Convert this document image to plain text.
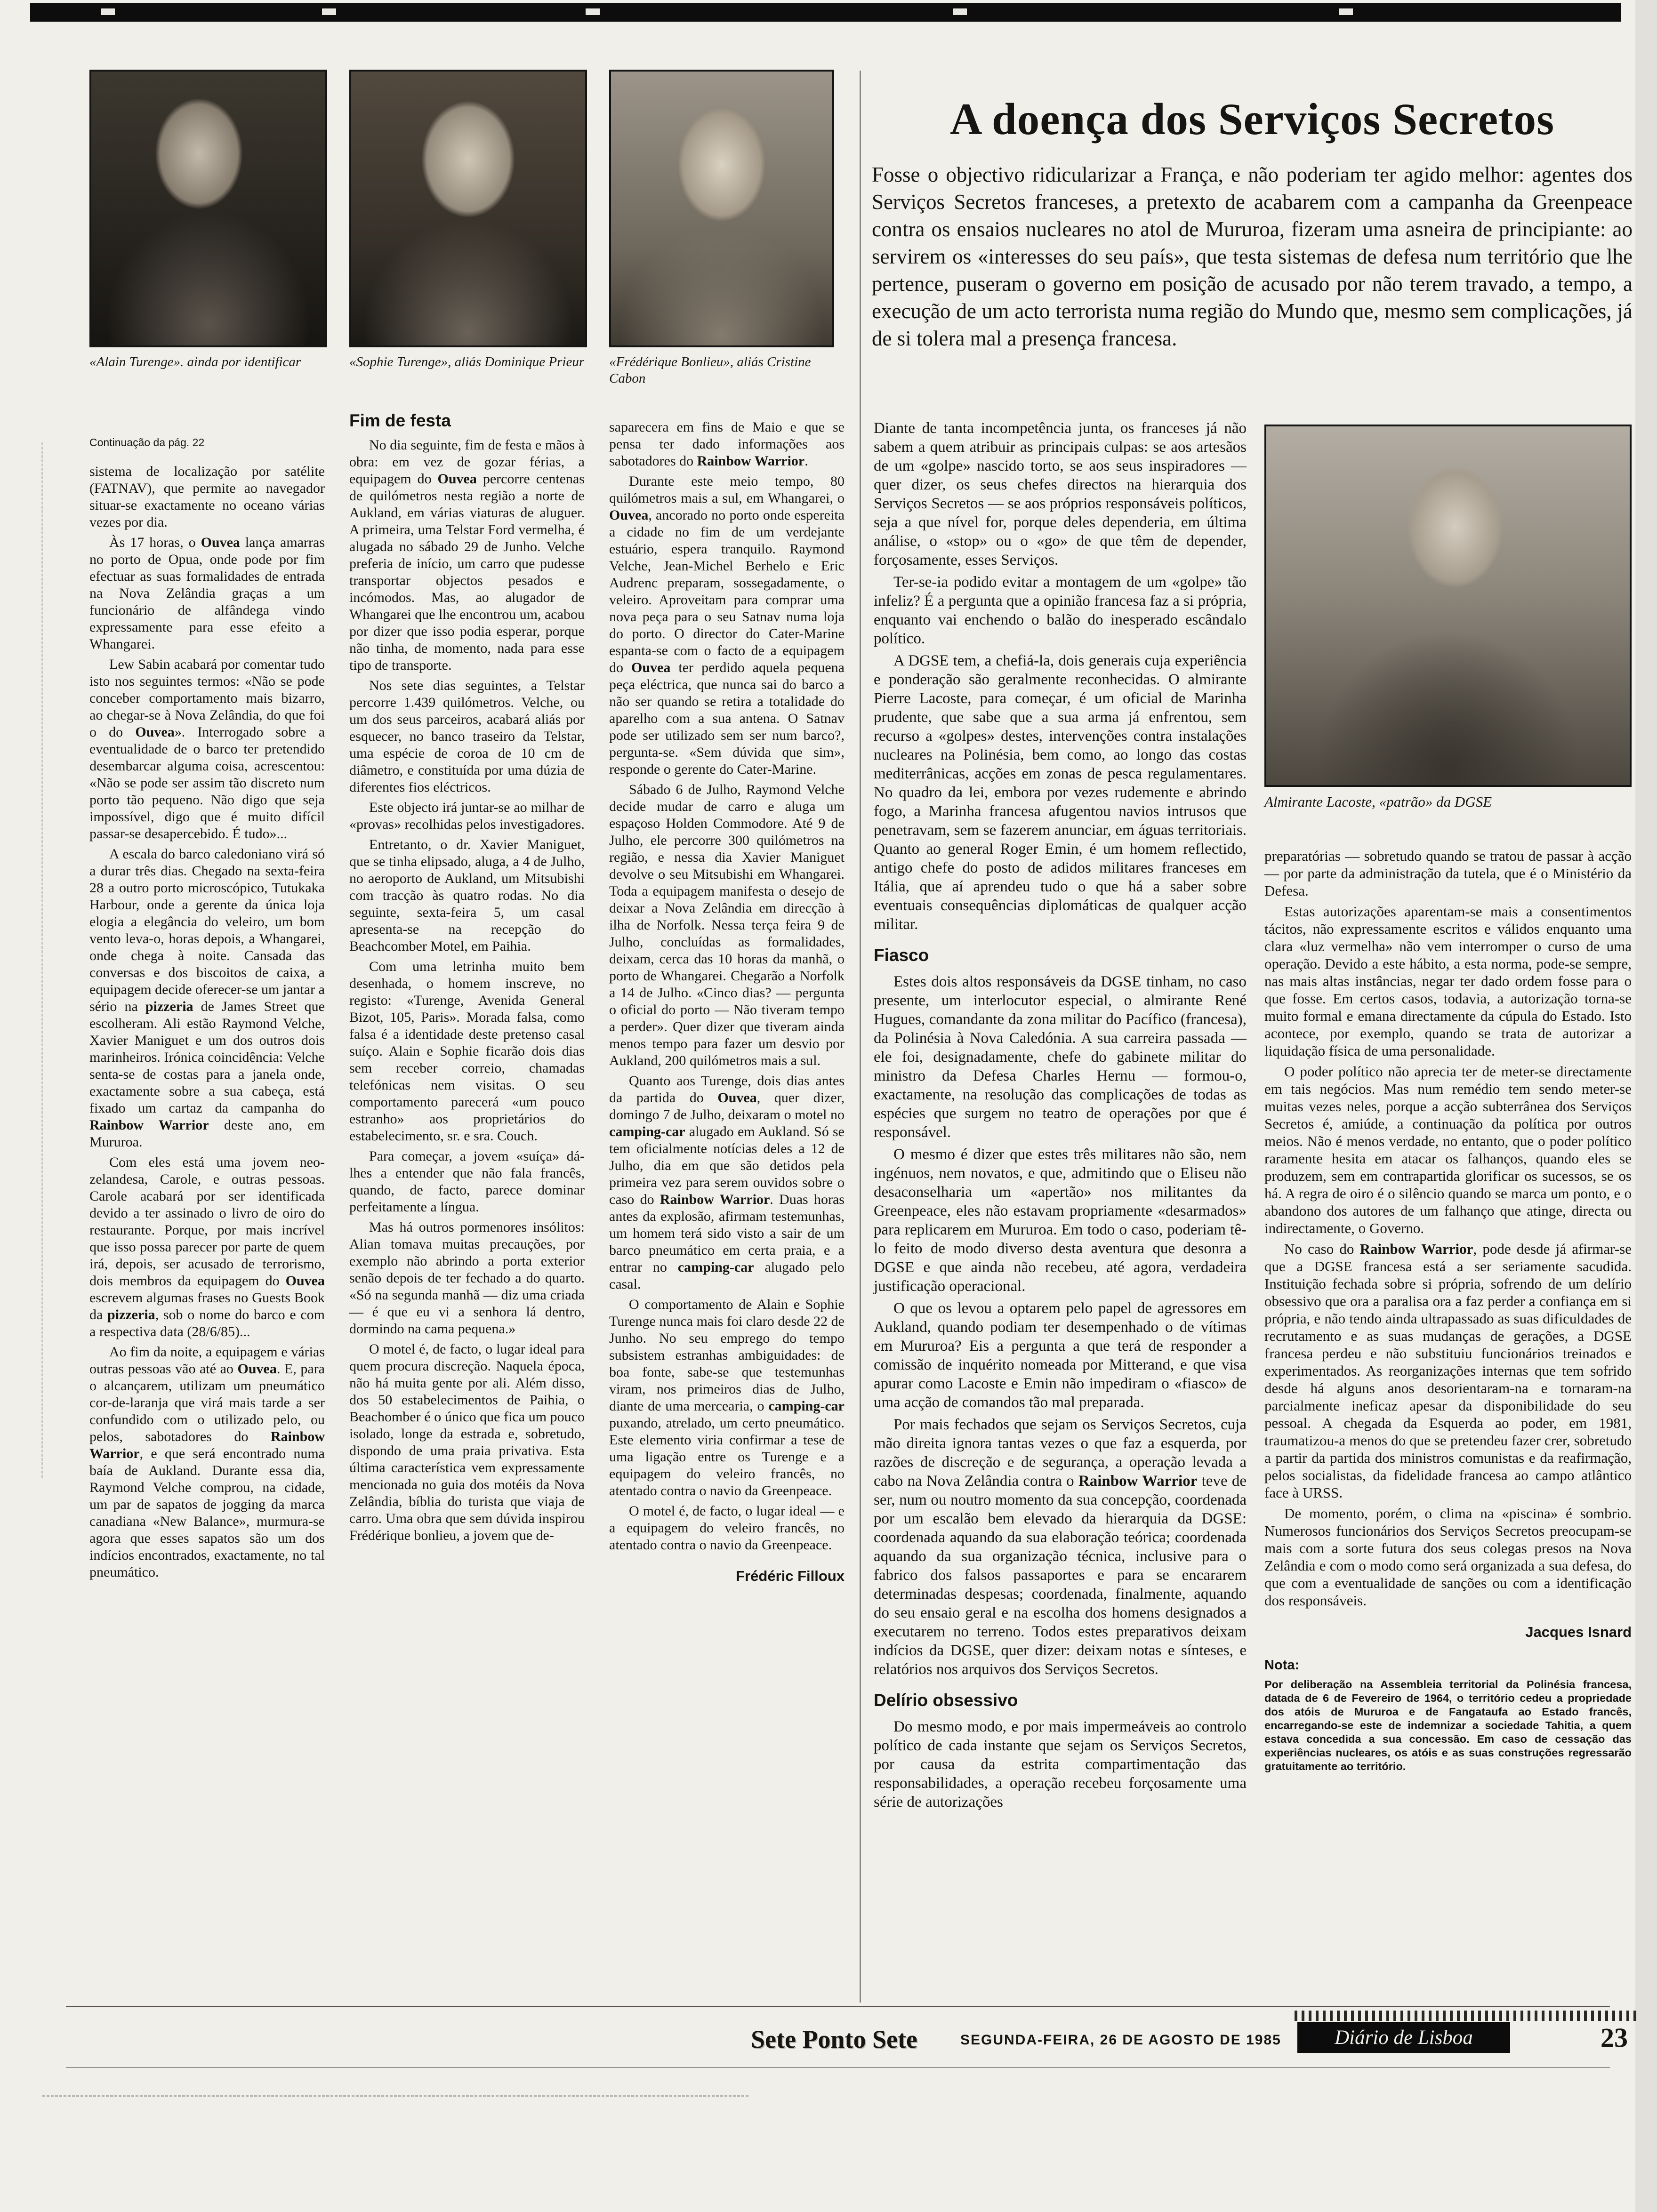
«Alain Turenge». ainda por identificar	«Sophie Turenge», aliás Dominique Prieur «Frédérique Bonlieu», aliás Cristine Cabon
A doença dos Serviços Secretos

Fosse o objectivo ridicularizar a França, e não poderiam ter agido melhor: agentes dos Serviços Secretos franceses, a pretexto de acabarem com a campanha da Greenpeace contra os ensaios nucleares no atol de Mururoa, fizeram uma asneira de principiante: ao servirem os «interesses do seu país», que testa sistemas de defesa num território que lhe pertence, puseram o governo em posição de acusado por não terem travado, a tempo, a execução de um acto terrorista numa região do Mundo que, mesmo sem complicações, já de si tolera mal a presença francesa.

Continuação da pág. 22

sistema de localização por satélite (FATNAV), que permite ao navegador situar-se exactamente no oceano várias vezes por dia.

Às 17 horas, o Ouvea lança amarras no porto de Opua, onde pode por fim efectuar as suas formalidades de entrada na Nova Zelândia graças a um funcionário de alfândega vindo expressamente para esse efeito a Whangarei.

Lew Sabin acabará por comentar tudo isto nos seguintes termos: «Não se pode conceber comportamento mais bizarro, ao chegar-se à Nova Zelândia, do que foi o do Ouvea». Interrogado sobre a eventualidade de o barco ter pretendido desembarcar alguma coisa, acrescentou: «Não se pode ser assim tão discreto num porto tão pequeno. Não digo que seja impossível, digo que é muito difícil passar-se desapercebido. É tudo»...

A escala do barco caledoniano virá só a durar três dias. Chegado na sexta-feira 28 a outro porto microscópico, Tutukaka Harbour, onde a gerente da única loja elogia a elegância do veleiro, um bom vento leva-o, horas depois, a Whangarei, onde chega à noite. Cansada das conversas e dos biscoitos de caixa, a equipagem decide oferecer-se um jantar a sério na pizzeria de James Street que escolheram. Ali estão Raymond Velche, Xavier Maniguet e um dos outros dois marinheiros. Irónica coincidência: Velche senta-se de costas para a janela onde, exactamente sobre a sua cabeça, está fixado um cartaz da campanha do Rainbow Warrior deste ano, em Mururoa.

Com eles está uma jovem neo-zelandesa, Carole, e outras pessoas. Carole acabará por ser identificada devido a ter assinado o livro de oiro do restaurante. Porque, por mais incrível que isso possa parecer por parte de quem irá, depois, ser acusado de terrorismo, dois membros da equipagem do Ouvea escrevem algumas frases no Guests Book da pizzeria, sob o nome do barco e com a respectiva data (28/6/85)...

Ao fim da noite, a equipagem e várias outras pessoas vão até ao Ouvea. E, para o alcançarem, utilizam um pneumático cor-de-laranja que virá mais tarde a ser confundido com o utilizado pelo, ou pelos, sabotadores do Rainbow Warrior, e que será encontrado numa baía de Aukland. Durante essa dia, Raymond Velche comprou, na cidade, um par de sapatos de jogging da marca canadiana «New Balance», murmura-se agora que esses sapatos são um dos indícios encontrados, exactamente, no tal pneumático.

Fim de festa

No dia seguinte, fim de festa e mãos à obra: em vez de gozar férias, a equipagem do Ouvea percorre centenas de quilómetros nesta região a norte de Aukland, em várias viaturas de aluguer. A primeira, uma Telstar Ford vermelha, é alugada no sábado 29 de Junho. Velche preferia de início, um carro que pudesse transportar objectos pesados e incómodos. Mas, ao alugador de Whangarei que lhe encontrou um, acabou por dizer que isso podia esperar, porque não tinha, de momento, nada para esse tipo de transporte.

Nos sete dias seguintes, a Telstar percorre 1.439 quilómetros. Velche, ou um dos seus parceiros, acabará aliás por esquecer, no banco traseiro da Telstar, uma espécie de coroa de 10 cm de diâmetro, e constituída por uma dúzia de diferentes fios eléctricos.

Este objecto irá juntar-se ao milhar de «provas» recolhidas pelos investigadores.

Entretanto, o dr. Xavier Maniguet, que se tinha elipsado, aluga, a 4 de Julho, no aeroporto de Aukland, um Mitsubishi com tracção às quatro rodas. No dia seguinte, sexta-feira 5, um casal apresenta-se na recepção do Beachcomber Motel, em Paihia.

Com uma letrinha muito bem desenhada, o homem inscreve, no registo: «Turenge, Avenida General Bizot, 105, Paris». Morada falsa, como falsa é a identidade deste pretenso casal suíço. Alain e Sophie ficarão dois dias sem receber correio, chamadas telefónicas nem visitas. O seu comportamento parecerá «um pouco estranho» aos proprietários do estabelecimento, sr. e sra. Couch.

Para começar, a jovem «suíça» dá-lhes a entender que não fala francês, quando, de facto, parece dominar perfeitamente a língua.

Mas há outros pormenores insólitos: Alian tomava muitas precauções, por exemplo não abrindo a porta exterior senão depois de ter fechado a do quarto. «Só na segunda manhã — diz uma criada — é que eu vi a senhora lá dentro, dormindo na cama pequena.»

O motel é, de facto, o lugar ideal para quem procura discreção. Naquela época, não há muita gente por ali. Além disso, dos 50 estabelecimentos de Paihia, o Beachomber é o único que fica um pouco isolado, longe da estrada e, sobretudo, dispondo de uma praia privativa. Esta última característica vem expressamente mencionada no guia dos motéis da Nova Zelândia, bíblia do turista que viaja de carro. Uma obra que sem dúvida inspirou Frédérique bonlieu, a jovem que de-

saparecera em fins de Maio e que se pensa ter dado informações aos sabotadores do Rainbow Warrior.

Durante este meio tempo, 80 quilómetros mais a sul, em Whangarei, o Ouvea, ancorado no porto onde espereita a cidade no fim de um verdejante estuário, espera tranquilo. Raymond Velche, Jean-Michel Berhelo e Eric Audrenc preparam, sossegadamente, o veleiro. Aproveitam para comprar uma nova peça para o seu Satnav numa loja do porto. O director do Cater-Marine espanta-se com o facto de a equipagem do Ouvea ter perdido aquela pequena peça eléctrica, que nunca sai do barco a não ser quando se retira a totalidade do aparelho com a sua antena. O Satnav pode ser utilizado sem ser num barco?, pergunta-se. «Sem dúvida que sim», responde o gerente do Cater-Marine.

Sábado 6 de Julho, Raymond Velche decide mudar de carro e aluga um espaçoso Holden Commodore. Até 9 de Julho, ele percorre 300 quilómetros na região, e nessa dia Xavier Maniguet devolve o seu Mitsubishi em Whangarei. Toda a equipagem manifesta o desejo de deixar a Nova Zelândia em direcção à ilha de Norfolk. Nessa terça feira 9 de Julho, concluídas as formalidades, deixam, cerca das 10 horas da manhã, o porto de Whangarei. Chegarão a Norfolk a 14 de Julho. «Cinco dias? — pergunta o oficial do porto — Não tiveram tempo a perder». Quer dizer que tiveram ainda menos tempo para fazer um desvio por Aukland, 200 quilómetros mais a sul.

Quanto aos Turenge, dois dias antes da partida do Ouvea, quer dizer, domingo 7 de Julho, deixaram o motel no camping-car alugado em Aukland. Só se tem oficialmente notícias deles a 12 de Julho, dia em que são detidos pela primeira vez para serem ouvidos sobre o caso do Rainbow Warrior. Duas horas antes da explosão, afirmam testemunhas, um homem terá sido visto a sair de um barco pneumático em certa praia, e a entrar no camping-car alugado pelo casal.

O comportamento de Alain e Sophie Turenge nunca mais foi claro desde 22 de Junho. No seu emprego do tempo subsistem estranhas ambiguidades: de boa fonte, sabe-se que testemunhas viram, nos primeiros dias de Julho, diante de uma mercearia, o camping-car puxando, atrelado, um certo pneumático. Este elemento viria confirmar a tese de uma ligação entre os Turenge e a equipagem do veleiro francês, no atentado contra o navio da Greenpeace.

O motel é, de facto, o lugar ideal — e a equipagem do veleiro francês, no atentado contra o navio da Greenpeace.

Frédéric Filloux

Diante de tanta incompetência junta, os franceses já não sabem a quem atribuir as principais culpas: se aos artesãos de um «golpe» nascido torto, se aos seus inspiradores — quer dizer, os seus chefes directos na hierarquia dos Serviços Secretos — se aos próprios responsáveis políticos, seja a que nível for, porque deles dependeria, em última análise, o «stop» ou o «go» de que têm de depender, forçosamente, esses Serviços.

Ter-se-ia podido evitar a montagem de um «golpe» tão infeliz? É a pergunta que a opinião francesa faz a si própria, enquanto vai enchendo o balão do inesperado escândalo político.

A DGSE tem, a chefiá-la, dois generais cuja experiência e ponderação são geralmente reconhecidas. O almirante Pierre Lacoste, para começar, é um oficial de Marinha prudente, que sabe que a sua arma já enfrentou, sem recurso a «golpes» destes, intervenções contra instalações nucleares na Polinésia, bem como, ao longo das costas mediterrânicas, acções em zonas de pesca regulamentares. No quadro da lei, embora por vezes rudemente e abrindo fogo, a Marinha francesa afugentou navios intrusos que penetravam, sem se fazerem anunciar, em águas territoriais. Quanto ao general Roger Emin, é um homem reflectido, antigo chefe do posto de adidos militares franceses em Itália, que aí aprendeu tudo o que há a saber sobre eventuais consequências diplomáticas de qualquer acção militar.

Fiasco

Estes dois altos responsáveis da DGSE tinham, no caso presente, um interlocutor especial, o almirante René Hugues, comandante da zona militar do Pacífico (francesa), da Polinésia à Nova Caledónia. A sua carreira passada — ele foi, designadamente, chefe do gabinete militar do ministro da Defesa Charles Hernu — formou-o, exactamente, na resolução das complicações de todas as espécies que surgem no teatro de operações por que é responsável.

O mesmo é dizer que estes três militares não são, nem ingénuos, nem novatos, e que, admitindo que o Eliseu não desaconselharia um «apertão» nos militantes da Greenpeace, eles não estavam propriamente «desarmados» para replicarem em Mururoa. Em todo o caso, poderiam tê-lo feito de modo diverso desta aventura que desonra a DGSE e que ainda não recebeu, até agora, verdadeira justificação operacional.

O que os levou a optarem pelo papel de agressores em Aukland, quando podiam ter desempenhado o de vítimas em Mururoa? Eis a pergunta a que terá de responder a comissão de inquérito nomeada por Mitterand, e que visa apurar como Lacoste e Emin não impediram o «fiasco» de uma acção de comandos tão mal preparada.

Por mais fechados que sejam os Serviços Secretos, cuja mão direita ignora tantas vezes o que faz a esquerda, por razões de discreção e de segurança, a operação levada a cabo na Nova Zelândia contra o Rainbow Warrior teve de ser, num ou noutro momento da sua concepção, coordenada por um escalão bem elevado da hierarquia da DGSE: coordenada aquando da sua elaboração teórica; coordenada aquando da sua organização técnica, inclusive para o fabrico dos falsos passaportes e para se encararem determinadas despesas; coordenada, finalmente, aquando do seu ensaio geral e na escolha dos homens designados a executarem no terreno. Todos estes preparativos deixam indícios da DGSE, quer dizer: deixam notas e sínteses, e relatórios nos arquivos dos Serviços Secretos.

Delírio obsessivo

Do mesmo modo, e por mais impermeáveis ao controlo político de cada instante que sejam os Serviços Secretos, por causa da estrita compartimentação das responsabilidades, a operação recebeu forçosamente uma série de autorizações

Almirante Lacoste, «patrão» da DGSE

preparatórias — sobretudo quando se tratou de passar à acção — por parte da administração da tutela, que é o Ministério da Defesa.

Estas autorizações aparentam-se mais a consentimentos tácitos, não expressamente escritos e válidos enquanto uma clara «luz vermelha» não vem interromper o curso de uma operação. Devido a este hábito, a esta norma, pode-se sempre, nas mais altas instâncias, negar ter dado ordem fosse para o que fosse. Em certos casos, todavia, a autorização torna-se muito formal e emana directamente da cúpula do Estado. Isto acontece, por exemplo, quando se trata de autorizar a liquidação física de uma personalidade.

O poder político não aprecia ter de meter-se directamente em tais negócios. Mas num remédio tem sendo meter-se muitas vezes neles, porque a acção subterrânea dos Serviços Secretos é, amiúde, a continuação da política por outros meios. Não é menos verdade, no entanto, que o poder político raramente hesita em atacar os falhanços, quando eles se produzem, sem em contrapartida glorificar os sucessos, se os há. A regra de oiro é o silêncio quando se marca um ponto, e o abandono dos autores de um falhanço que atinge, directa ou indirectamente, o Governo.

No caso do Rainbow Warrior, pode desde já afirmar-se que a DGSE francesa está a ser seriamente sacudida. Instituição fechada sobre si própria, sofrendo de um delírio obsessivo que ora a paralisa ora a faz perder a confiança em si própria, e não tendo ainda ultrapassado as suas dificuldades de recrutamento e as suas mudanças de gerações, a DGSE francesa perdeu e não substituiu funcionários treinados e experimentados. As reorganizações internas que tem sofrido desde há alguns anos desorientaram-na e tornaram-na parcialmente ineficaz apesar da disponibilidade do seu pessoal. A chegada da Esquerda ao poder, em 1981, traumatizou-a menos do que se pretendeu fazer crer, sobretudo a partir da partida dos ministros comunistas e da reafirmação, pelos socialistas, da fidelidade francesa ao campo atlântico face à URSS.

De momento, porém, o clima na «piscina» é sombrio. Numerosos funcionários dos Serviços Secretos preocupam-se mais com a sorte futura dos seus colegas presos na Nova Zelândia e com o modo como será organizada a sua defesa, do que com a eventualidade de sanções ou com a identificação dos responsáveis.

Jacques Isnard
Nota:
Por deliberação na Assembleia territorial da Polinésia francesa, datada de 6 de Fevereiro de 1964, o território cedeu a propriedade dos atóis de Mururoa e de Fangataufa ao Estado francês, encarregando-se este de indemnizar a sociedade Tahitia, a quem estava concedida a sua concessão. Em caso de cessação das experiências nucleares, os atóis e as suas construções regressarão gratuitamente ao território.
Sete Ponto Sete	SEGUNDA-FEIRA, 26 DE AGOSTO DE 1985	Diário de Lisboa	23
